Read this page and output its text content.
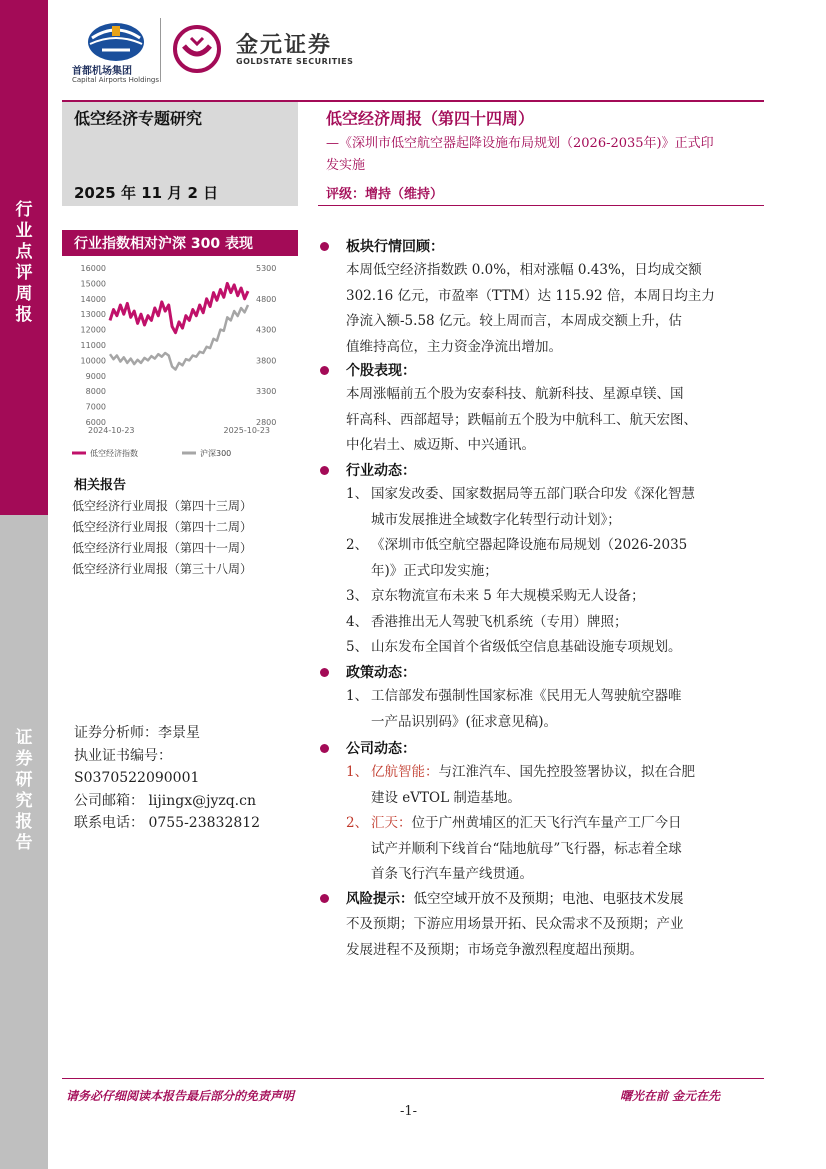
行
业
点
评
周
报
证
券
研
究
报
告
首都机场集团
Capital Airports Holdings
金元证券
GOLDSTATE SECURITIES
低空经济专题研究
2025 年 11 月 2 日
低空经济周报（第四十四周）
—《深圳市低空航空器起降设施布局规划（2026-2035年)》正式印发实施
评级：增持（维持）
行业指数相对沪深 300 表现
6000
7000
8000
9000
10000
11000
12000
13000
14000
15000
16000
2800
3300
3800
4300
4800
5300
2024-10-23	2025-10-23
低空经济指数	沪深300
相关报告
低空经济行业周报（第四十三周）
低空经济行业周报（第四十二周）
低空经济行业周报（第四十一周）
低空经济行业周报（第三十八周）
证券分析师：李景星
执业证书编号：
S0370522090001
公司邮箱： lijingx@jyzq.cn
联系电话： 0755-23832812
板块行情回顾：
本周低空经济指数跌 0.0%，相对涨幅 0.43%，日均成交额
302.16 亿元，市盈率（TTM）达 115.92 倍，本周日均主力
净流入额-5.58 亿元。较上周而言，本周成交额上升，估
值维持高位，主力资金净流出增加。
个股表现：
本周涨幅前五个股为安泰科技、航新科技、星源卓镁、国
轩高科、西部超导；跌幅前五个股为中航科工、航天宏图、
中化岩土、威迈斯、中兴通讯。
行业动态：
1、 国家发改委、国家数据局等五部门联合印发《深化智慧
城市发展推进全域数字化转型行动计划》；
2、 《深圳市低空航空器起降设施布局规划（2026-2035
年)》正式印发实施；
3、 京东物流宣布未来 5 年大规模采购无人设备；
4、 香港推出无人驾驶飞机系统（专用）牌照；
5、 山东发布全国首个省级低空信息基础设施专项规划。
政策动态：
1、 工信部发布强制性国家标准《民用无人驾驶航空器唯
一产品识别码》(征求意见稿)。
公司动态：
1、 亿航智能：与江淮汽车、国先控股签署协议，拟在合肥
建设 eVTOL 制造基地。
2、 汇天：位于广州黄埔区的汇天飞行汽车量产工厂今日
试产并顺利下线首台“陆地航母”飞行器，标志着全球
首条飞行汽车量产线贯通。
风险提示：低空空域开放不及预期；电池、电驱技术发展
不及预期；下游应用场景开拓、民众需求不及预期；产业
发展进程不及预期；市场竞争激烈程度超出预期。
请务必仔细阅读本报告最后部分的免责声明	曙光在前 金元在先
-1-
